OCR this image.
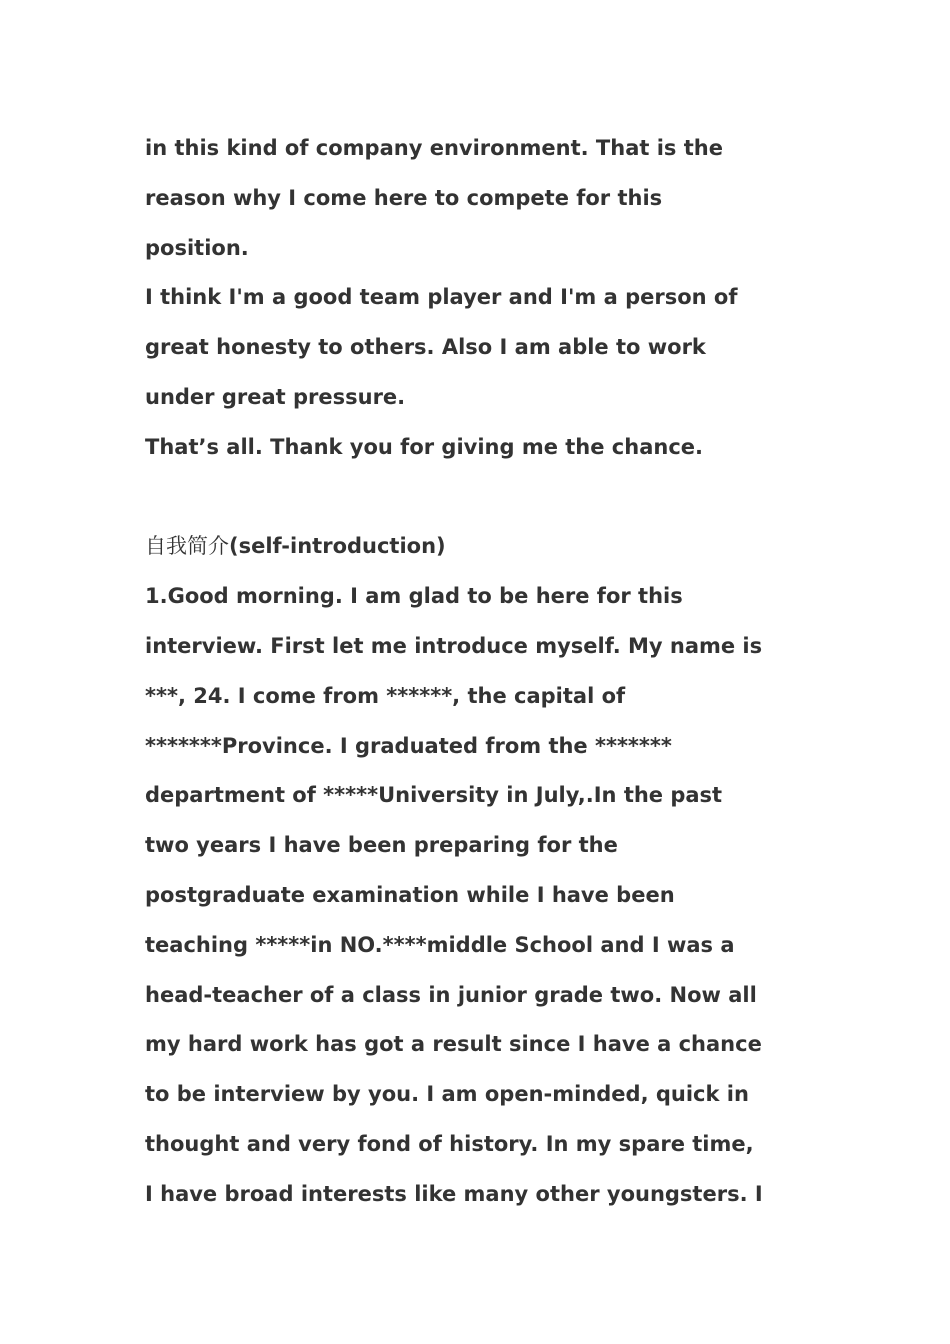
in this kind of company environment. That is the
reason why I come here to compete for this
position.
I think I'm a good team player and I'm a person of
great honesty to others. Also I am able to work
under great pressure.
That’s all. Thank you for giving me the chance.
自我简介(self-introduction)
1.Good morning. I am glad to be here for this
interview. First let me introduce myself. My name is
***, 24. I come from ******, the capital of
*******Province. I graduated from the *******
department of *****University in July,.In the past
two years I have been preparing for the
postgraduate examination while I have been
teaching *****in NO.****middle School and I was a
head-teacher of a class in junior grade two. Now all
my hard work has got a result since I have a chance
to be interview by you. I am open-minded, quick in
thought and very fond of history. In my spare time,
I have broad interests like many other youngsters. I
